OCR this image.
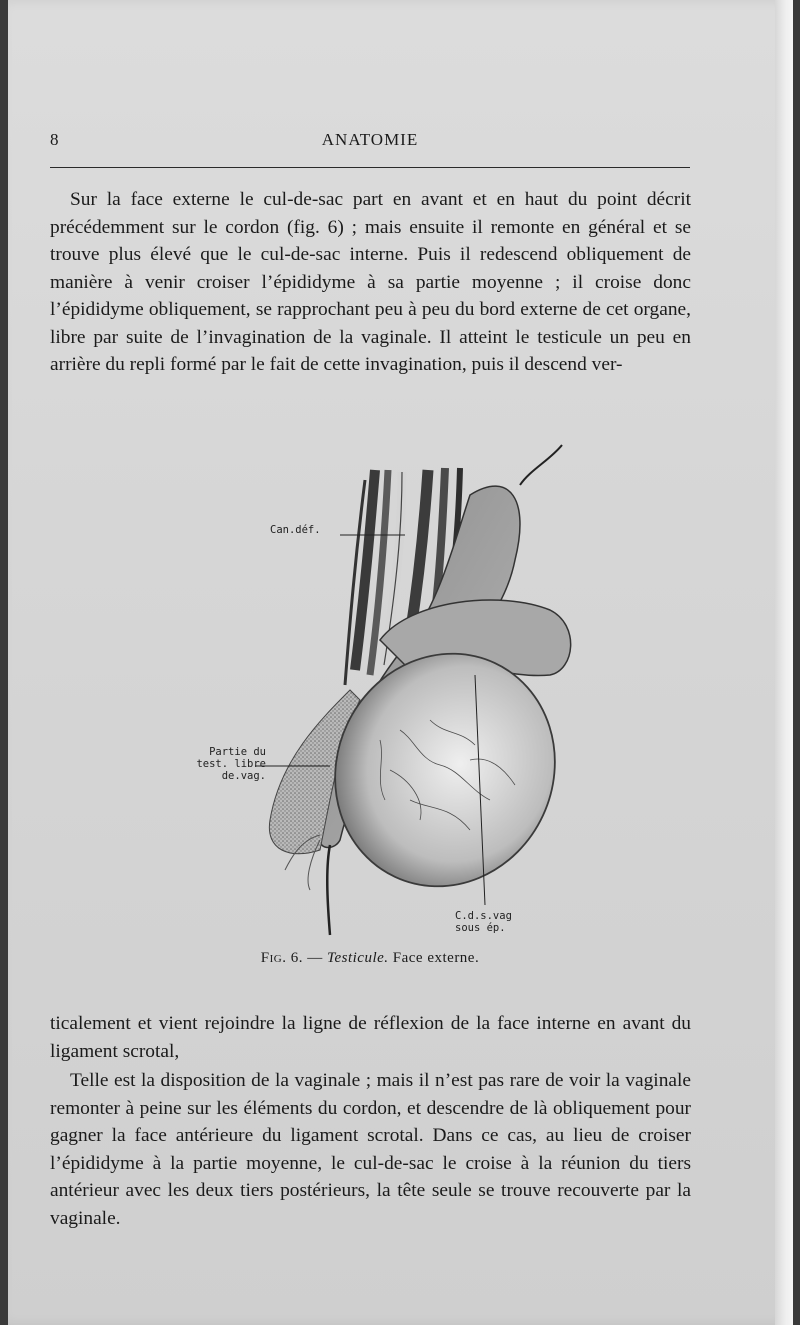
8	ANATOMIE

Sur la face externe le cul-de-sac part en avant et en haut du point décrit précédemment sur le cordon (fig. 6) ; mais ensuite il remonte en général et se trouve plus élevé que le cul-de-sac interne. Puis il redescend obliquement de manière à venir croiser l’épididyme à sa partie moyenne ; il croise donc l’épididyme obliquement, se rapprochant peu à peu du bord externe de cet organe, libre par suite de l’invagination de la vaginale. Il atteint le testicule un peu en arrière du repli formé par le fait de cette invagination, puis il descend ver-

Can.déf.
Partie du
test. libre
de.vag.
C.d.s.vag
sous ép.
Fig. 6. — Testicule. Face externe.

ticalement et vient rejoindre la ligne de réflexion de la face interne en avant du ligament scrotal,

Telle est la disposition de la vaginale ; mais il n’est pas rare de voir la vaginale remonter à peine sur les éléments du cordon, et descendre de là obliquement pour gagner la face antérieure du ligament scrotal. Dans ce cas, au lieu de croiser l’épididyme à la partie moyenne, le cul-de-sac le croise à la réunion du tiers antérieur avec les deux tiers postérieurs, la tête seule se trouve recouverte par la vaginale.
